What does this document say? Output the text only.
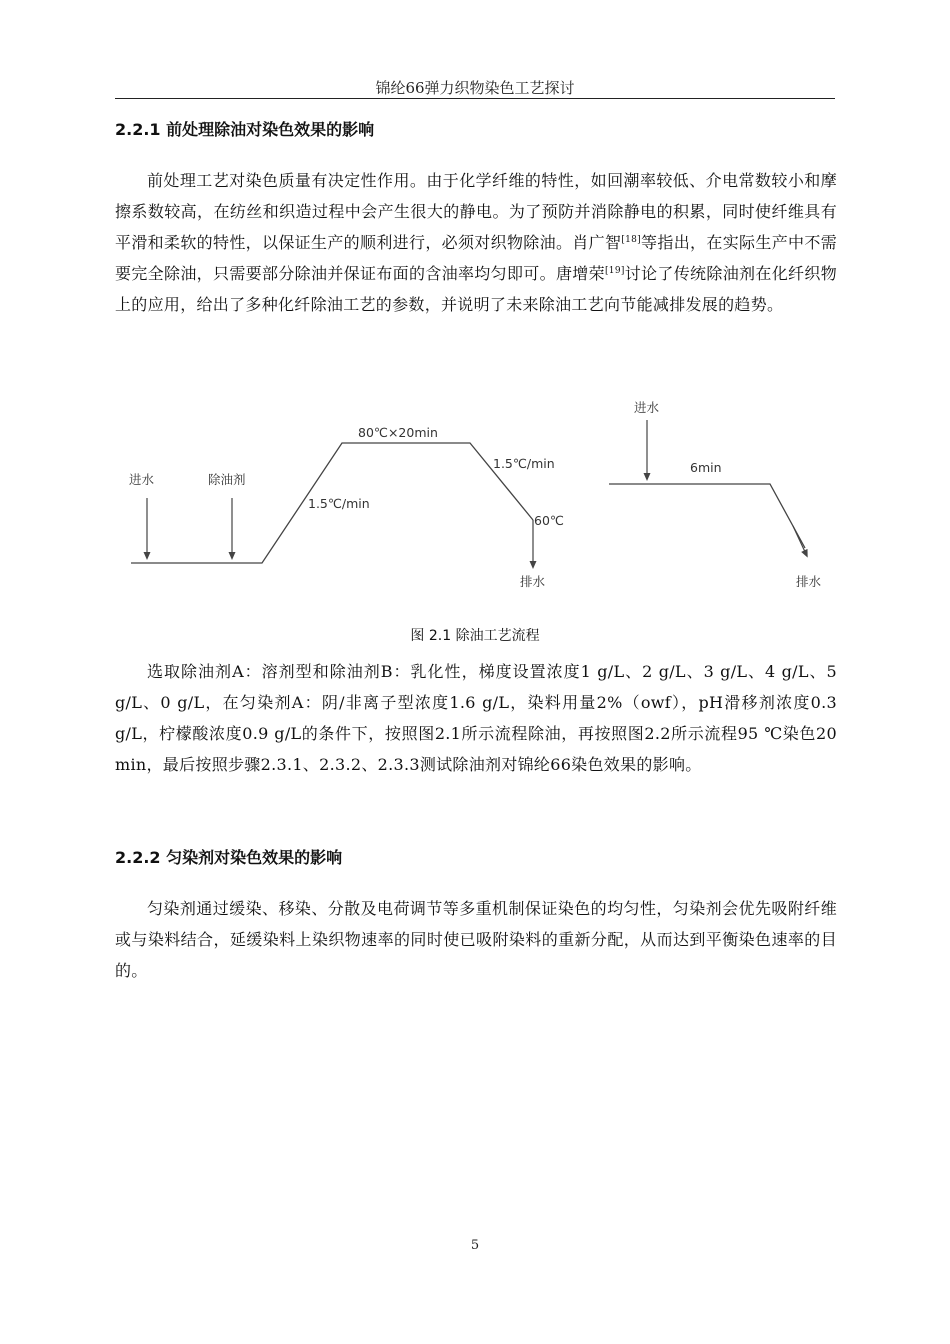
锦纶66弹力织物染色工艺探讨
2.2.1 前处理除油对染色效果的影响

前处理工艺对染色质量有决定性作用。由于化学纤维的特性，如回潮率较低、介电常数较小和摩擦系数较高，在纺丝和织造过程中会产生很大的静电。为了预防并消除静电的积累，同时使纤维具有平滑和柔软的特性，以保证生产的顺利进行，必须对织物除油。肖广智[18]等指出，在实际生产中不需要完全除油，只需要部分除油并保证布面的含油率均匀即可。唐增荣[19]讨论了传统除油剂在化纤织物上的应用，给出了多种化纤除油工艺的参数，并说明了未来除油工艺向节能减排发展的趋势。

进水	除油剂
1.5℃/min
80℃×20min
1.5℃/min
60℃
排水
进水
6min
排水
图 2.1 除油工艺流程

选取除油剂A：溶剂型和除油剂B：乳化性，梯度设置浓度1 g/L、2 g/L、3 g/L、4 g/L、5 g/L、0 g/L，在匀染剂A：阴/非离子型浓度1.6 g/L，染料用量2%（owf），pH滑移剂浓度0.3 g/L，柠檬酸浓度0.9 g/L的条件下，按照图2.1所示流程除油，再按照图2.2所示流程95 ℃染色20 min，最后按照步骤2.3.1、2.3.2、2.3.3测试除油剂对锦纶66染色效果的影响。

2.2.2 匀染剂对染色效果的影响

匀染剂通过缓染、移染、分散及电荷调节等多重机制保证染色的均匀性，匀染剂会优先吸附纤维或与染料结合，延缓染料上染织物速率的同时使已吸附染料的重新分配，从而达到平衡染色速率的目的。

5
